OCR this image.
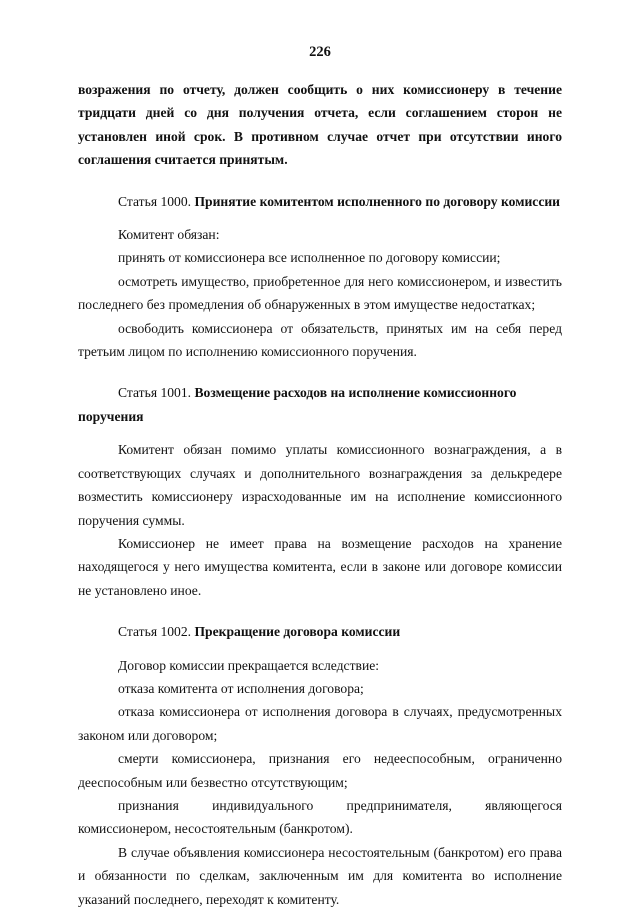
226

возражения по отчету, должен сообщить о них комиссионеру в течение тридцати дней со дня получения отчета, если соглашением сторон не установлен иной срок. В противном случае отчет при отсутствии иного соглашения считается принятым.

Статья 1000. Принятие комитентом исполненного по договору комиссии

Комитент обязан:

принять от комиссионера все исполненное по договору комиссии;

осмотреть имущество, приобретенное для него комиссионером, и известить последнего без промедления об обнаруженных в этом имуществе недостатках;

освободить комиссионера от обязательств, принятых им на себя перед третьим лицом по исполнению комиссионного поручения.

Статья 1001. Возмещение расходов на исполнение комиссионного поручения

Комитент обязан помимо уплаты комиссионного вознаграждения, а в соответствующих случаях и дополнительного вознаграждения за делькредере возместить комиссионеру израсходованные им на исполнение комиссионного поручения суммы.

Комиссионер не имеет права на возмещение расходов на хранение находящегося у него имущества комитента, если в законе или договоре комиссии не установлено иное.

Статья 1002. Прекращение договора комиссии

Договор комиссии прекращается вследствие:

отказа комитента от исполнения договора;

отказа комиссионера от исполнения договора в случаях, предусмотренных законом или договором;

смерти комиссионера, признания его недееспособным, ограниченно дееспособным или безвестно отсутствующим;

признания индивидуального предпринимателя, являющегося комиссионером, несостоятельным (банкротом).

В случае объявления комиссионера несостоятельным (банкротом) его права и обязанности по сделкам, заключенным им для комитента во исполнение указаний последнего, переходят к комитенту.
